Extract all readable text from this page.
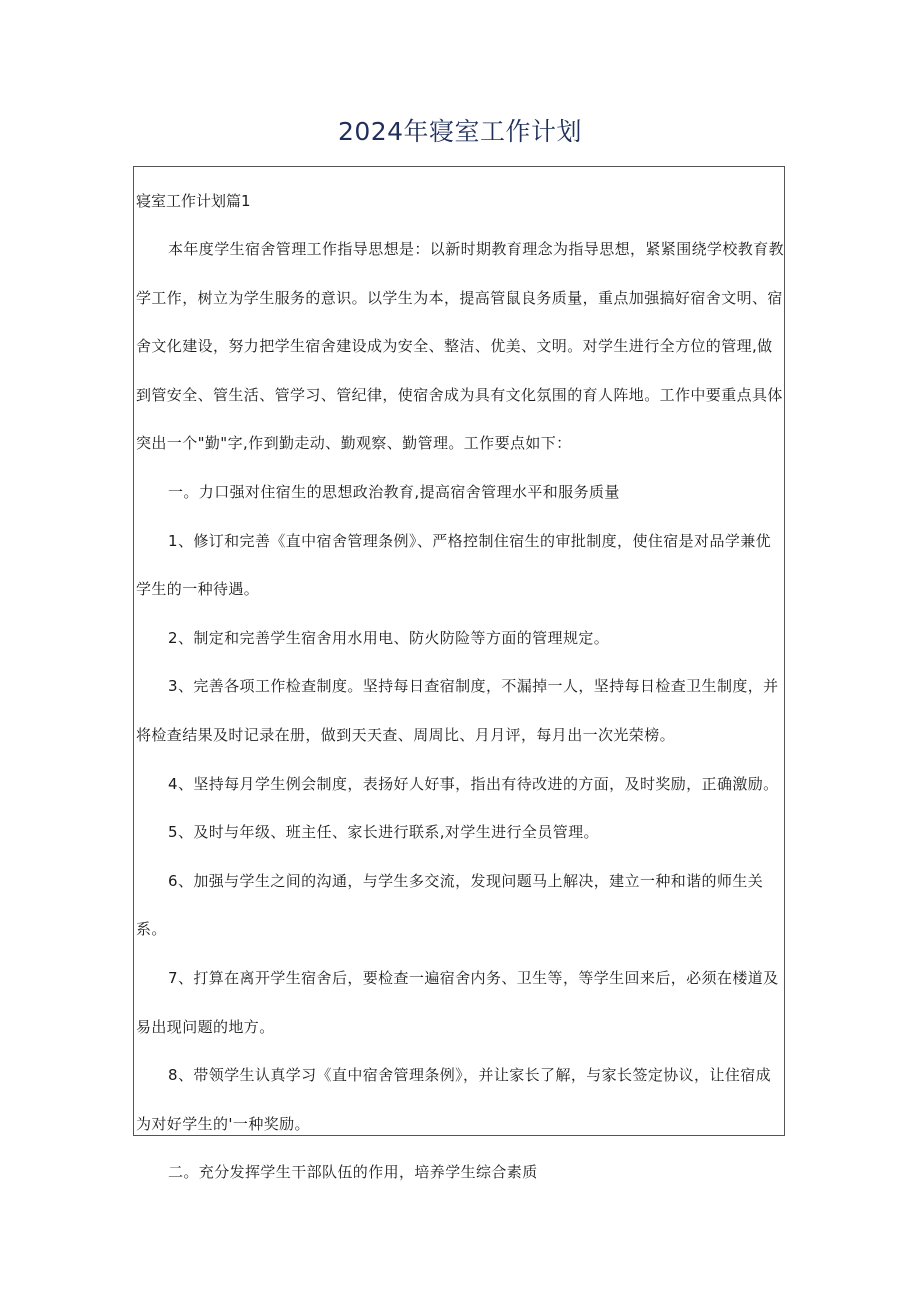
2024年寝室工作计划

寝室工作计划篇1

本年度学生宿舍管理工作指导思想是：以新时期教育理念为指导思想，紧紧围绕学校教育教学工作，树立为学生服务的意识。以学生为本，提高管鼠良务质量，重点加强搞好宿舍文明、宿舍文化建设，努力把学生宿舍建设成为安全、整洁、优美、文明。对学生进行全方位的管理,做到管安全、管生活、管学习、管纪律，使宿舍成为具有文化氛围的育人阵地。工作中要重点具体突出一个"勤"字,作到勤走动、勤观察、勤管理。工作要点如下：

一。力口强对住宿生的思想政治教育,提高宿舍管理水平和服务质量

1、修订和完善《直中宿舍管理条例》、严格控制住宿生的审批制度，使住宿是对品学兼优学生的一种待遇。

2、制定和完善学生宿舍用水用电、防火防险等方面的管理规定。

3、完善各项工作检查制度。坚持每日查宿制度，不漏掉一人，坚持每日检查卫生制度，并将检查结果及时记录在册，做到天天查、周周比、月月评，每月出一次光荣榜。

4、坚持每月学生例会制度，表扬好人好事，指出有待改进的方面，及时奖励，正确激励。

5、及时与年级、班主任、家长进行联系,对学生进行全员管理。

6、加强与学生之间的沟通，与学生多交流，发现问题马上解决，建立一种和谐的师生关系。

7、打算在离开学生宿舍后，要检查一遍宿舍内务、卫生等，等学生回来后，必须在楼道及易出现问题的地方。

8、带领学生认真学习《直中宿舍管理条例》，并让家长了解，与家长签定协议，让住宿成为对好学生的'一种奖励。

二。充分发挥学生干部队伍的作用，培养学生综合素质
